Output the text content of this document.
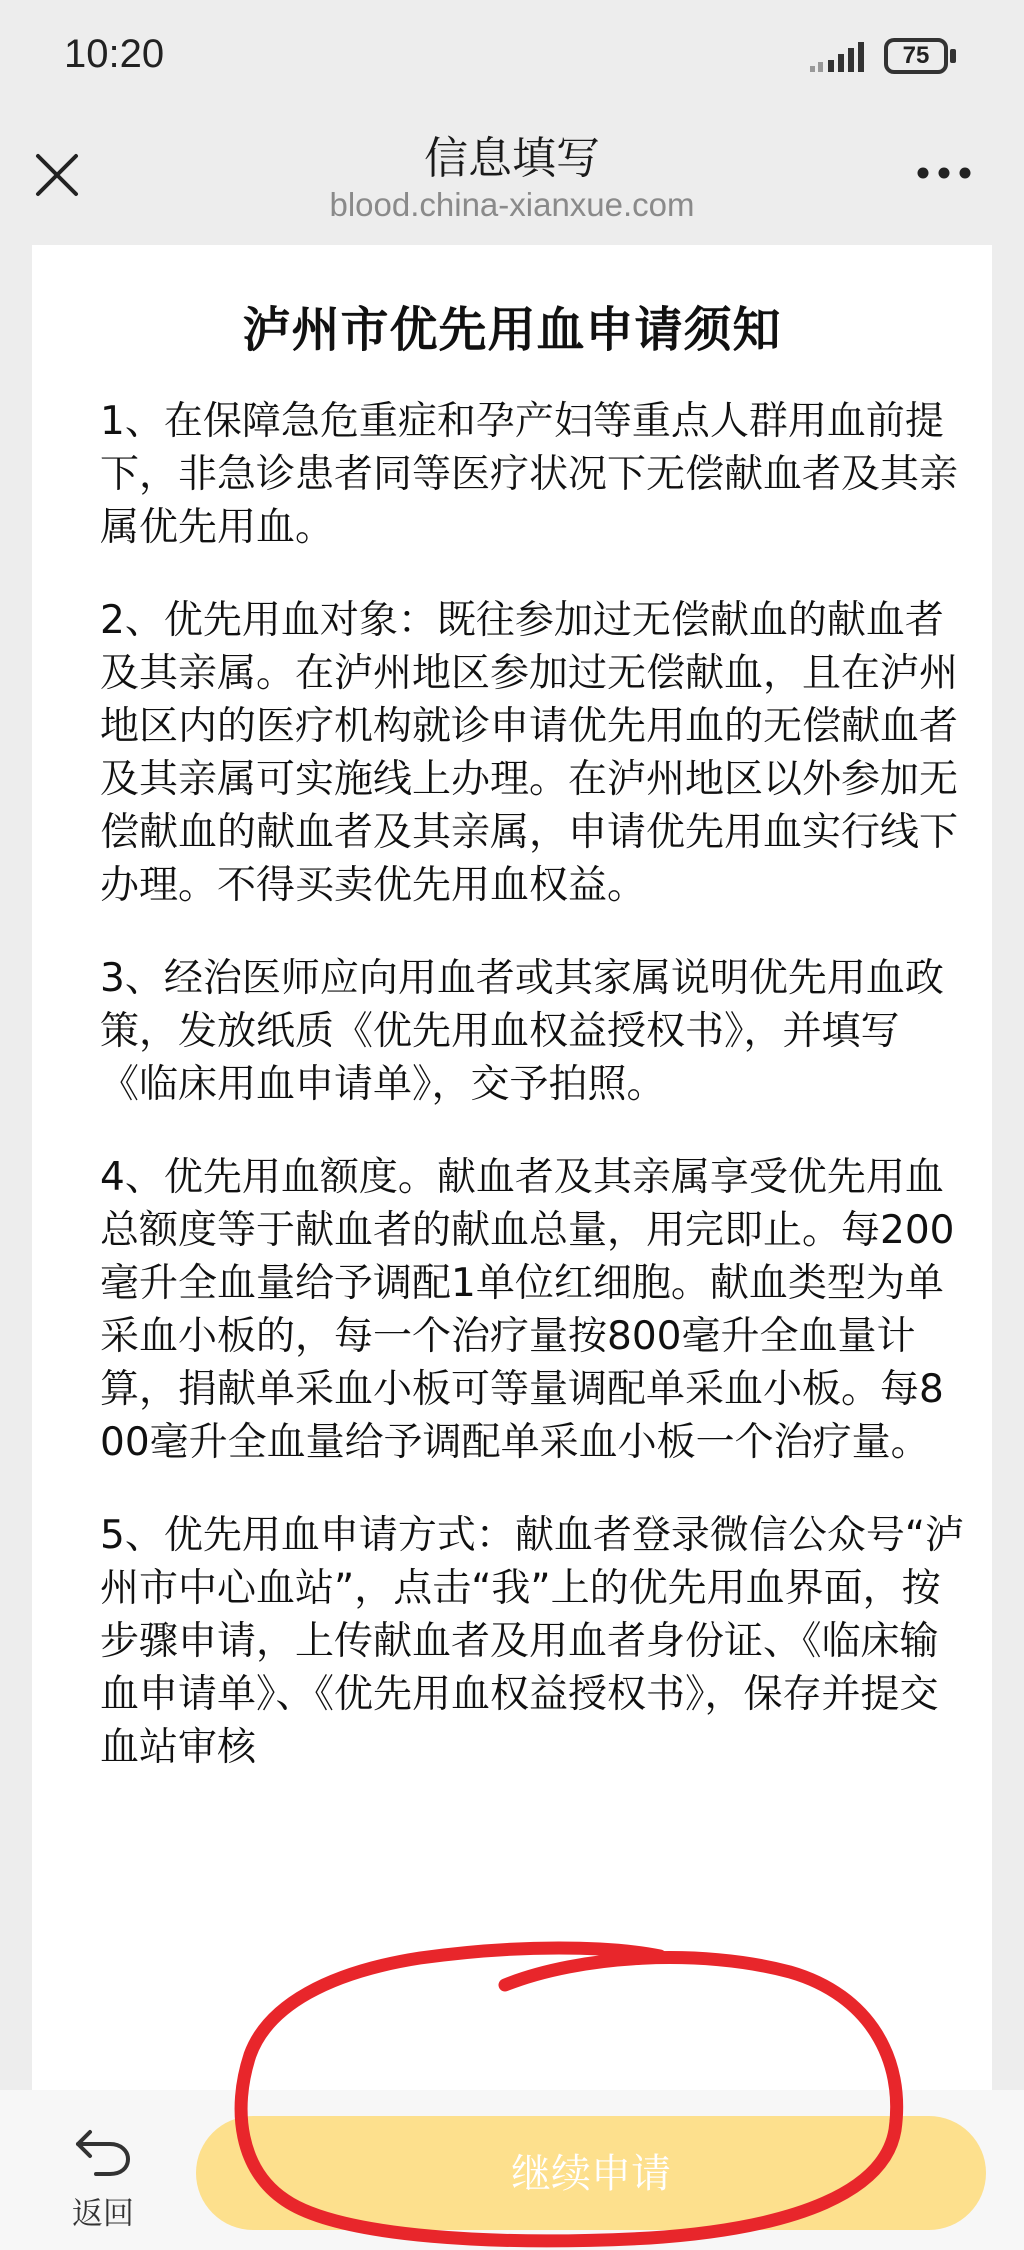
10:20	75
信息填写
blood.china-xianxue.com
泸州市优先用血申请须知

1、在保障急危重症和孕产妇等重点人群用血前提下，非急诊患者同等医疗状况下无偿献血者及其亲属优先用血。

2、优先用血对象：既往参加过无偿献血的献血者及其亲属。在泸州地区参加过无偿献血，且在泸州地区内的医疗机构就诊申请优先用血的无偿献血者及其亲属可实施线上办理。在泸州地区以外参加无偿献血的献血者及其亲属，申请优先用血实行线下办理。不得买卖优先用血权益。

3、经治医师应向用血者或其家属说明优先用血政策，发放纸质《优先用血权益授权书》，并填写《临床用血申请单》，交予拍照。

4、优先用血额度。献血者及其亲属享受优先用血总额度等于献血者的献血总量，用完即止。每200毫升全血量给予调配1单位红细胞。献血类型为单采血小板的，每一个治疗量按800毫升全血量计算，捐献单采血小板可等量调配单采血小板。每800毫升全血量给予调配单采血小板一个治疗量。

5、优先用血申请方式：献血者登录微信公众号“泸州市中心血站”，点击“我”上的优先用血界面，按步骤申请，上传献血者及用血者身份证、《临床输血申请单》、《优先用血权益授权书》，保存并提交血站审核

返回
继续申请
